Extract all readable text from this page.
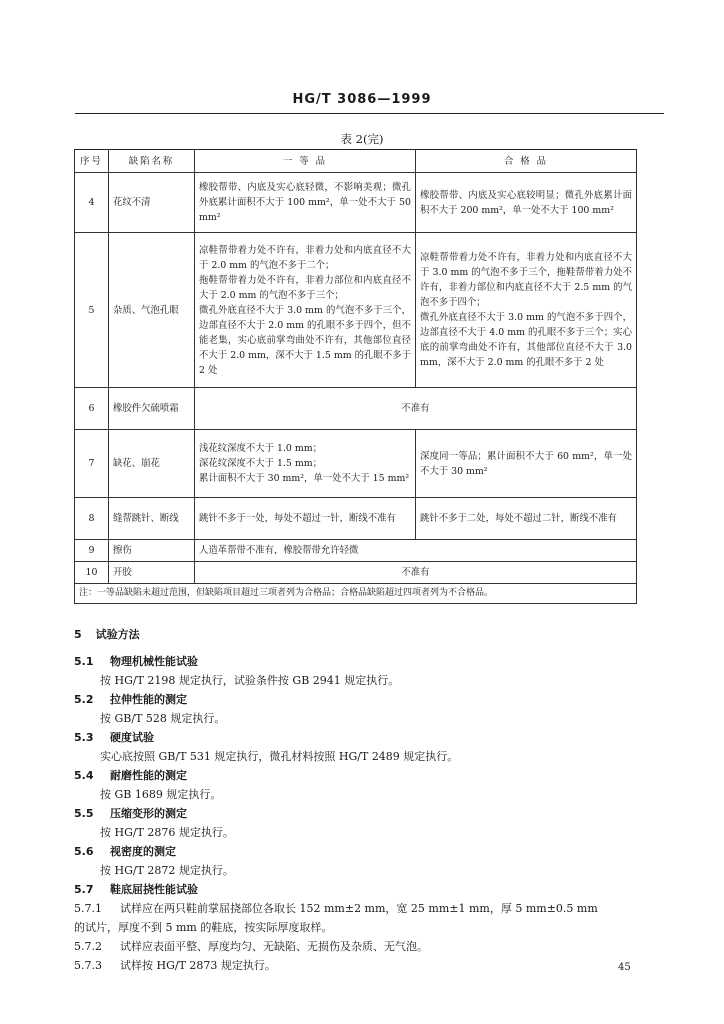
HG/T 3086—1999
表 2(完)
序号	缺陷名称	一 等 品	合 格 品
4	花纹不清	橡胶帮带、内底及实心底轻微，不影响美观；微孔外底累计面积不大于 100 mm²，单一处不大于 50 mm²	橡胶帮带、内底及实心底较明显；微孔外底累计面积不大于 200 mm²，单一处不大于 100 mm²
5	杂质、气泡孔眼	凉鞋帮带着力处不许有，非着力处和内底直径不大于 2.0 mm 的气泡不多于二个；
拖鞋帮带着力处不许有，非着力部位和内底直径不大于 2.0 mm 的气泡不多于三个；
微孔外底直径不大于 3.0 mm 的气泡不多于三个，边部直径不大于 2.0 mm 的孔眼不多于四个，但不能老集，实心底前掌弯曲处不许有，其他部位直径不大于 2.0 mm，深不大于 1.5 mm 的孔眼不多于 2 处	凉鞋帮带着力处不许有，非着力处和内底直径不大于 3.0 mm 的气泡不多于三个，拖鞋帮带着力处不许有，非着力部位和内底直径不大于 2.5 mm 的气泡不多于四个；
微孔外底直径不大于 3.0 mm 的气泡不多于四个，边部直径不大于 4.0 mm 的孔眼不多于三个；实心底的前掌弯曲处不许有，其他部位直径不大于 3.0 mm，深不大于 2.0 mm 的孔眼不多于 2 处
6	橡胶件欠硫喷霜	不准有	
7	缺花、崩花	浅花纹深度不大于 1.0 mm；
深花纹深度不大于 1.5 mm；
累计面积不大于 30 mm²，单一处不大于 15 mm²	深度同一等品；累计面积不大于 60 mm²，单一处不大于 30 mm²
8	缝帮跳针、断线	跳针不多于一处，每处不超过一针，断线不准有	跳针不多于二处，每处不超过二针，断线不准有
9	擦伤	人造革帮带不准有，橡胶帮带允许轻微	
10	开胶	不准有	
注：一等品缺陷未超过范围，但缺陷项目超过三项者列为合格品；合格品缺陷超过四项者列为不合格品。			
5 试验方法
5.1 物理机械性能试验
按 HG/T 2198 规定执行，试验条件按 GB 2941 规定执行。
5.2 拉伸性能的测定
按 GB/T 528 规定执行。
5.3 硬度试验
实心底按照 GB/T 531 规定执行，微孔材料按照 HG/T 2489 规定执行。
5.4 耐磨性能的测定
按 GB 1689 规定执行。
5.5 压缩变形的测定
按 HG/T 2876 规定执行。
5.6 视密度的测定
按 HG/T 2872 规定执行。
5.7 鞋底屈挠性能试验
5.7.1 试样应在两只鞋前掌屈挠部位各取长 152 mm±2 mm，宽 25 mm±1 mm，厚 5 mm±0.5 mm
的试片，厚度不到 5 mm 的鞋底，按实际厚度取样。
5.7.2 试样应表面平整、厚度均匀、无缺陷、无损伤及杂质、无气泡。
5.7.3 试样按 HG/T 2873 规定执行。	45
